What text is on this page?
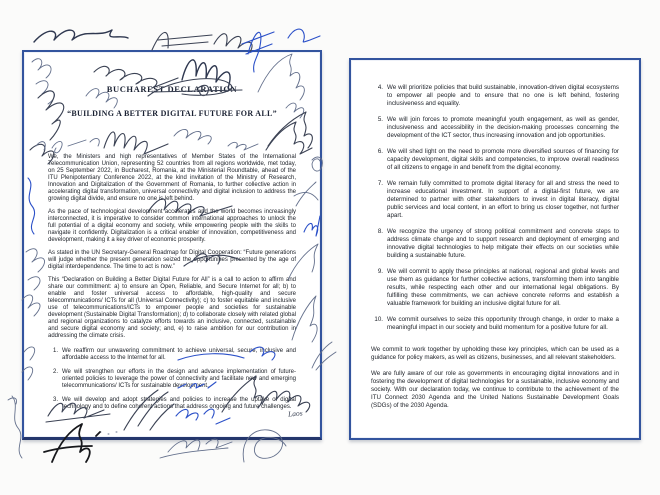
BUCHAREST DECLARATION
“BUILDING A BETTER DIGITAL FUTURE FOR ALL”

We, the Ministers and high representatives of Member States of the International Telecommunication Union, representing 52 countries from all regions worldwide, met today, on 25 September 2022, in Bucharest, Romania, at the Ministerial Roundtable, ahead of the ITU Plenipotentiary Conference 2022, at the kind invitation of the Ministry of Research, Innovation and Digitalization of the Government of Romania, to further collective action in accelerating digital transformation, universal connectivity and digital inclusion to address the growing digital divide, and ensure no one is left behind.

As the pace of technological development accelerates and the world becomes increasingly interconnected, it is imperative to consider common international approaches to unlock the full potential of a digital economy and society, while empowering people with the skills to navigate it confidently. Digitalization is a critical enabler of innovation, competitiveness and development, making it a key driver of economic prosperity.

As stated in the UN Secretary-General Roadmap for Digital Cooperation: “Future generations will judge whether the present generation seized the opportunities presented by the age of digital interdependence. The time to act is now.”

This “Declaration on Building a Better Digital Future for All” is a call to action to affirm and share our commitment: a) to ensure an Open, Reliable, and Secure Internet for all; b) to enable and foster universal access to affordable, high-quality and secure telecommunications/ ICTs for all (Universal Connectivity); c) to foster equitable and inclusive use of telecommunications/ICTs to empower people and societies for sustainable development (Sustainable Digital Transformation); d) to collaborate closely with related global and regional organizations to catalyze efforts towards an inclusive, connected, sustainable and secure digital economy and society; and, e) to raise ambition for our contribution in addressing the climate crisis.

1. We reaffirm our unwavering commitment to achieve universal, secure, inclusive and affordable access to the Internet for all.
2. We will strengthen our efforts in the design and advance implementation of future-oriented policies to leverage the power of connectivity and facilitate new and emerging telecommunications/ ICTs for sustainable development.
3. We will develop and adopt strategies and policies to increase the uptake of digital technology and to define coherent actions that address ongoing and future challenges.
4. We will prioritize policies that build sustainable, innovation-driven digital ecosystems to empower all people and to ensure that no one is left behind, fostering inclusiveness and equality.
5. We will join forces to promote meaningful youth engagement, as well as gender, inclusiveness and accessibility in the decision-making processes concerning the development of the ICT sector, thus increasing innovation and job opportunities.
6. We will shed light on the need to promote more diversified sources of financing for capacity development, digital skills and competencies, to improve overall readiness of all citizens to engage in and benefit from the digital economy.
7. We remain fully committed to promote digital literacy for all and stress the need to increase educational investment. In support of a digital-first future, we are determined to partner with other stakeholders to invest in digital literacy, digital public services and local content, in an effort to bring us closer together, not further apart.
8. We recognize the urgency of strong political commitment and concrete steps to address climate change and to support research and deployment of emerging and innovative digital technologies to help mitigate their effects on our societies while building a sustainable future.
9. We will commit to apply these principles at national, regional and global levels and use them as guidance for further collective actions, transforming them into tangible results, while respecting each other and our international legal obligations. By fulfilling these commitments, we can achieve concrete reforms and establish a valuable framework for building an inclusive digital future for all.
10. We commit ourselves to seize this opportunity through change, in order to make a meaningful impact in our society and build momentum for a positive future for all.

We commit to work together by upholding these key principles, which can be used as a guidance for policy makers, as well as citizens, businesses, and all relevant stakeholders.

We are fully aware of our role as governments in encouraging digital innovations and in fostering the development of digital technologies for a sustainable, inclusive economy and society. With our declaration today, we continue to contribute to the achievement of the ITU Connect 2030 Agenda and the United Nations Sustainable Development Goals (SDGs) of the 2030 Agenda.

Laos
